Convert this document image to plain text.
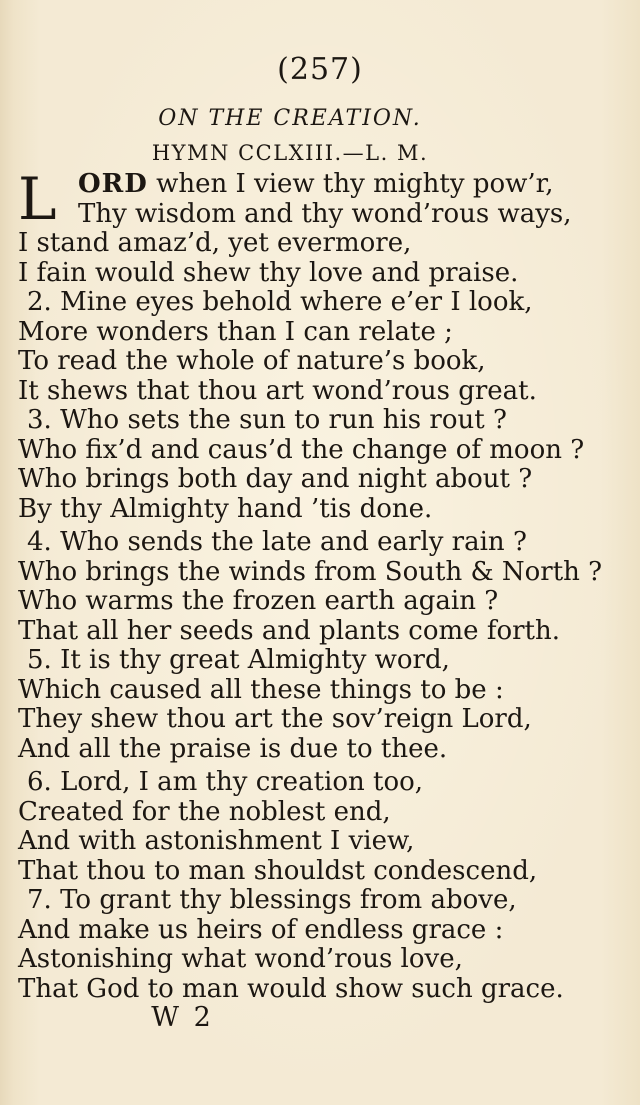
(257)
ON THE CREATION.
HYMN CCLXIII.—L. M.
L ORD when I view thy mighty pow’r,
Thy wisdom and thy wond’rous ways,
I stand amaz’d, yet evermore,
I fain would shew thy love and praise.
2. Mine eyes behold where e’er I look,
More wonders than I can relate ;
To read the whole of nature’s book,
It shews that thou art wond’rous great.
3. Who sets the sun to run his rout ?
Who fix’d and caus’d the change of moon ?
Who brings both day and night about ?
By thy Almighty hand ’tis done.
4. Who sends the late and early rain ?
Who brings the winds from South & North ?
Who warms the frozen earth again ?
That all her seeds and plants come forth.
5. It is thy great Almighty word,
Which caused all these things to be :
They shew thou art the sov’reign Lord,
And all the praise is due to thee.
6. Lord, I am thy creation too,
Created for the noblest end,
And with astonishment I view,
That thou to man shouldst condescend,
7. To grant thy blessings from above,
And make us heirs of endless grace :
Astonishing what wond’rous love,
That God to man would show such grace.
W 2
